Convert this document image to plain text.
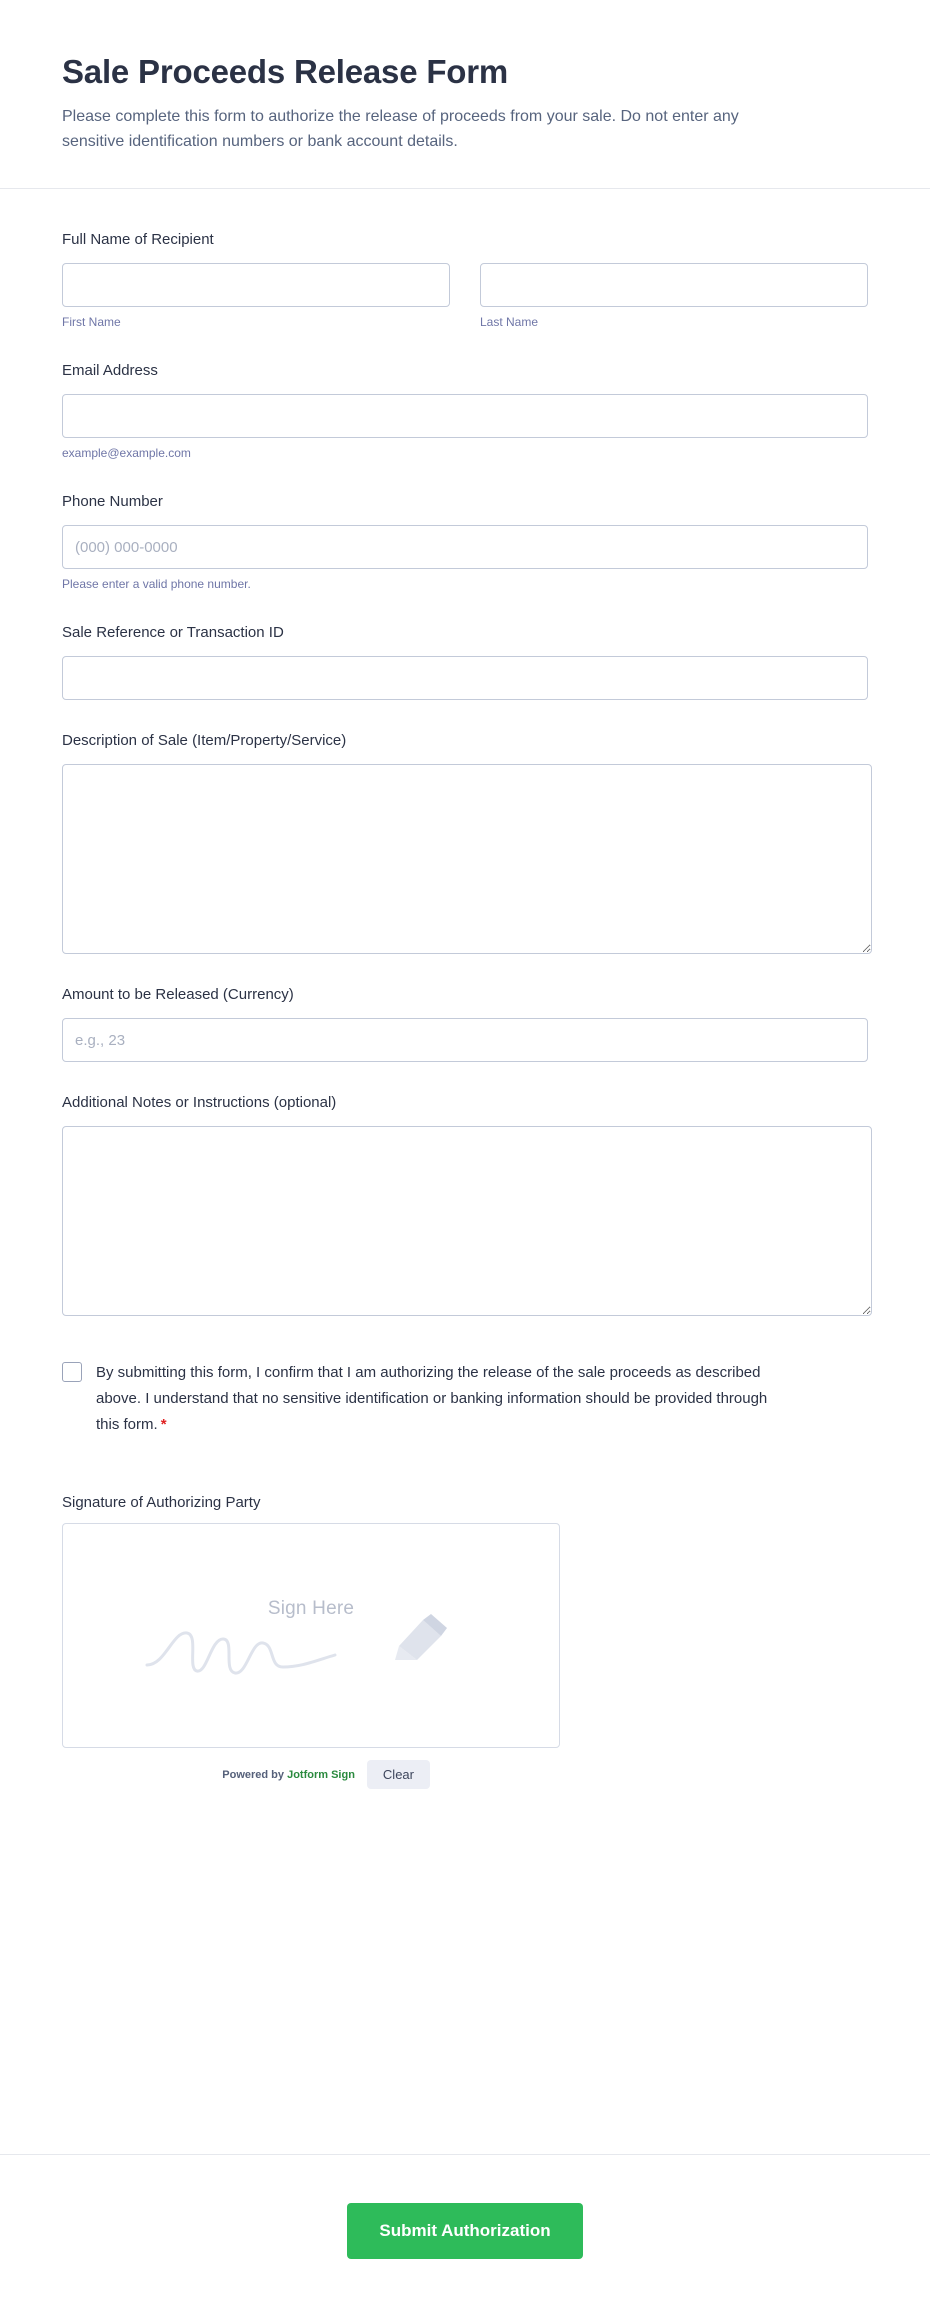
Sale Proceeds Release Form

Please complete this form to authorize the release of proceeds from your sale. Do not enter any sensitive identification numbers or bank account details.

Full Name of Recipient
First Name	Last Name
Email Address
example@example.com
Phone Number
(000) 000-0000
Please enter a valid phone number.
Sale Reference or Transaction ID
Description of Sale (Item/Property/Service)
Amount to be Released (Currency)
e.g., 23
Additional Notes or Instructions (optional)
By submitting this form, I confirm that I am authorizing the release of the sale proceeds as described above. I understand that no sensitive identification or banking information should be provided through this form. *
Signature of Authorizing Party
Sign Here
Powered by Jotform Sign	Clear
Submit Authorization
